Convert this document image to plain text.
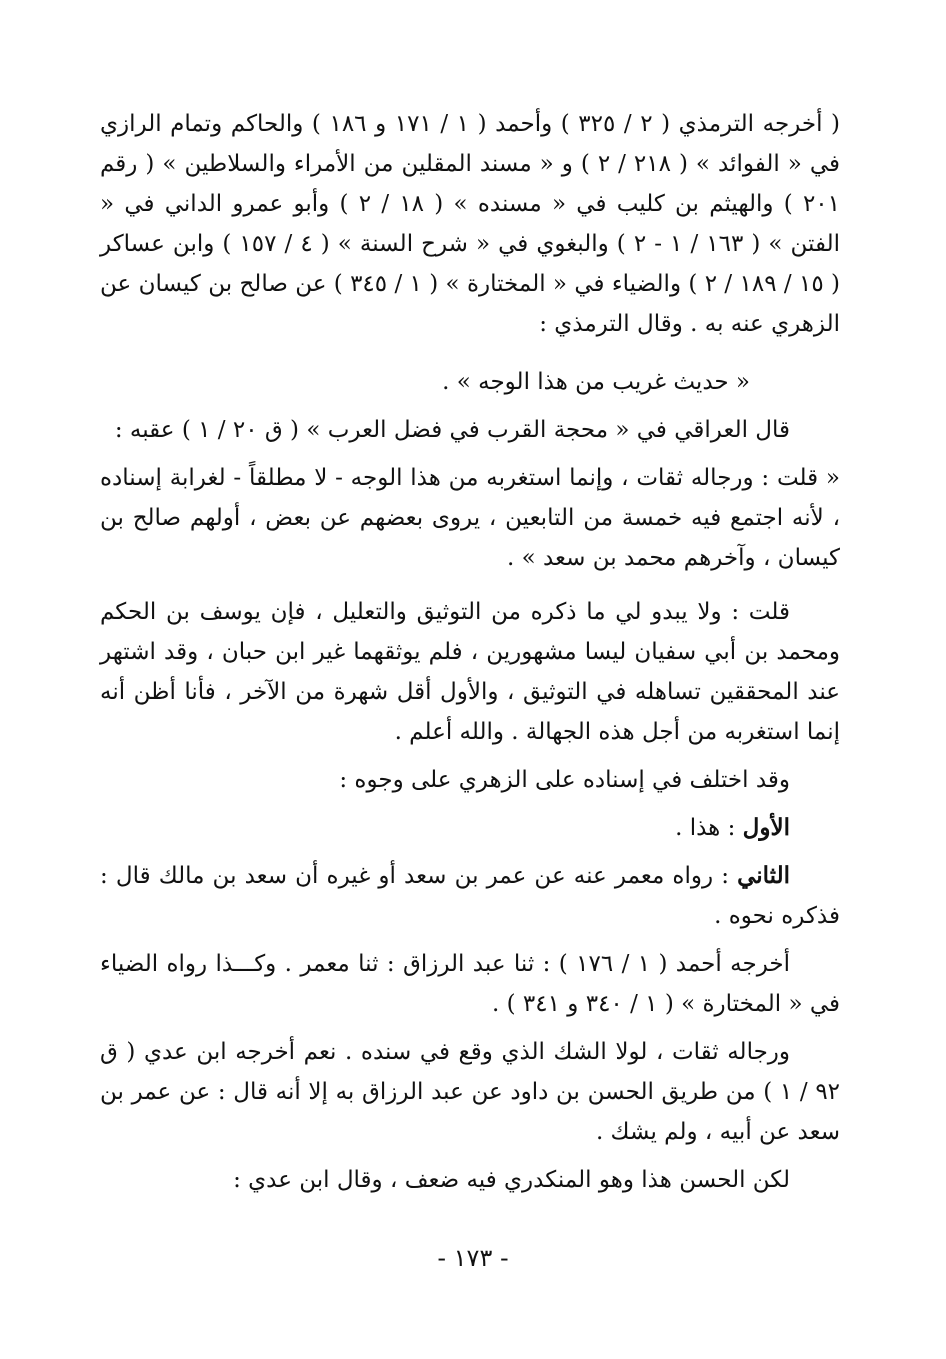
( أخرجه الترمذي ( ٢ / ٣٢٥ ) وأحمد ( ١ / ١٧١ و ١٨٦ ) والحاكم وتمام الرازي في « الفوائد » ( ٢١٨ / ٢ ) و « مسند المقلين من الأمراء والسلاطين » ( رقم ٢٠١ ) والهيثم بن كليب في « مسنده » ( ١٨ / ٢ ) وأبو عمرو الداني في « الفتن » ( ١٦٣ / ١ - ٢ ) والبغوي في « شرح السنة » ( ٤ / ١٥٧ ) وابن عساكر ( ١٥ / ١٨٩ / ٢ ) والضياء في « المختارة » ( ١ / ٣٤٥ ) عن صالح بن كيسان عن الزهري عنه به . وقال الترمذي :

« حديث غريب من هذا الوجه » .

قال العراقي في « محجة القرب في فضل العرب » ( ق ٢٠ / ١ ) عقبه :

« قلت : ورجاله ثقات ، وإنما استغربه من هذا الوجه - لا مطلقاً - لغرابة إسناده ، لأنه اجتمع فيه خمسة من التابعين ، يروى بعضهم عن بعض ، أولهم صالح بن كيسان ، وآخرهم محمد بن سعد » .

قلت : ولا يبدو لي ما ذكره من التوثيق والتعليل ، فإن يوسف بن الحكم ومحمد بن أبي سفيان ليسا مشهورين ، فلم يوثقهما غير ابن حبان ، وقد اشتهر عند المحققين تساهله في التوثيق ، والأول أقل شهرة من الآخر ، فأنا أظن أنه إنما استغربه من أجل هذه الجهالة . والله أعلم .

وقد اختلف في إسناده على الزهري على وجوه :

الأول : هذا .

الثاني : رواه معمر عنه عن عمر بن سعد أو غيره أن سعد بن مالك قال : فذكره نحوه .

أخرجه أحمد ( ١ / ١٧٦ ) : ثنا عبد الرزاق : ثنا معمر . وكـــذا رواه الضياء في « المختارة » ( ١ / ٣٤٠ و ٣٤١ ) .

ورجاله ثقات ، لولا الشك الذي وقع في سنده . نعم أخرجه ابن عدي ( ق ٩٢ / ١ ) من طريق الحسن بن داود عن عبد الرزاق به إلا أنه قال : عن عمر بن سعد عن أبيه ، ولم يشك .

لكن الحسن هذا وهو المنكدري فيه ضعف ، وقال ابن عدي :

- ١٧٣ -
